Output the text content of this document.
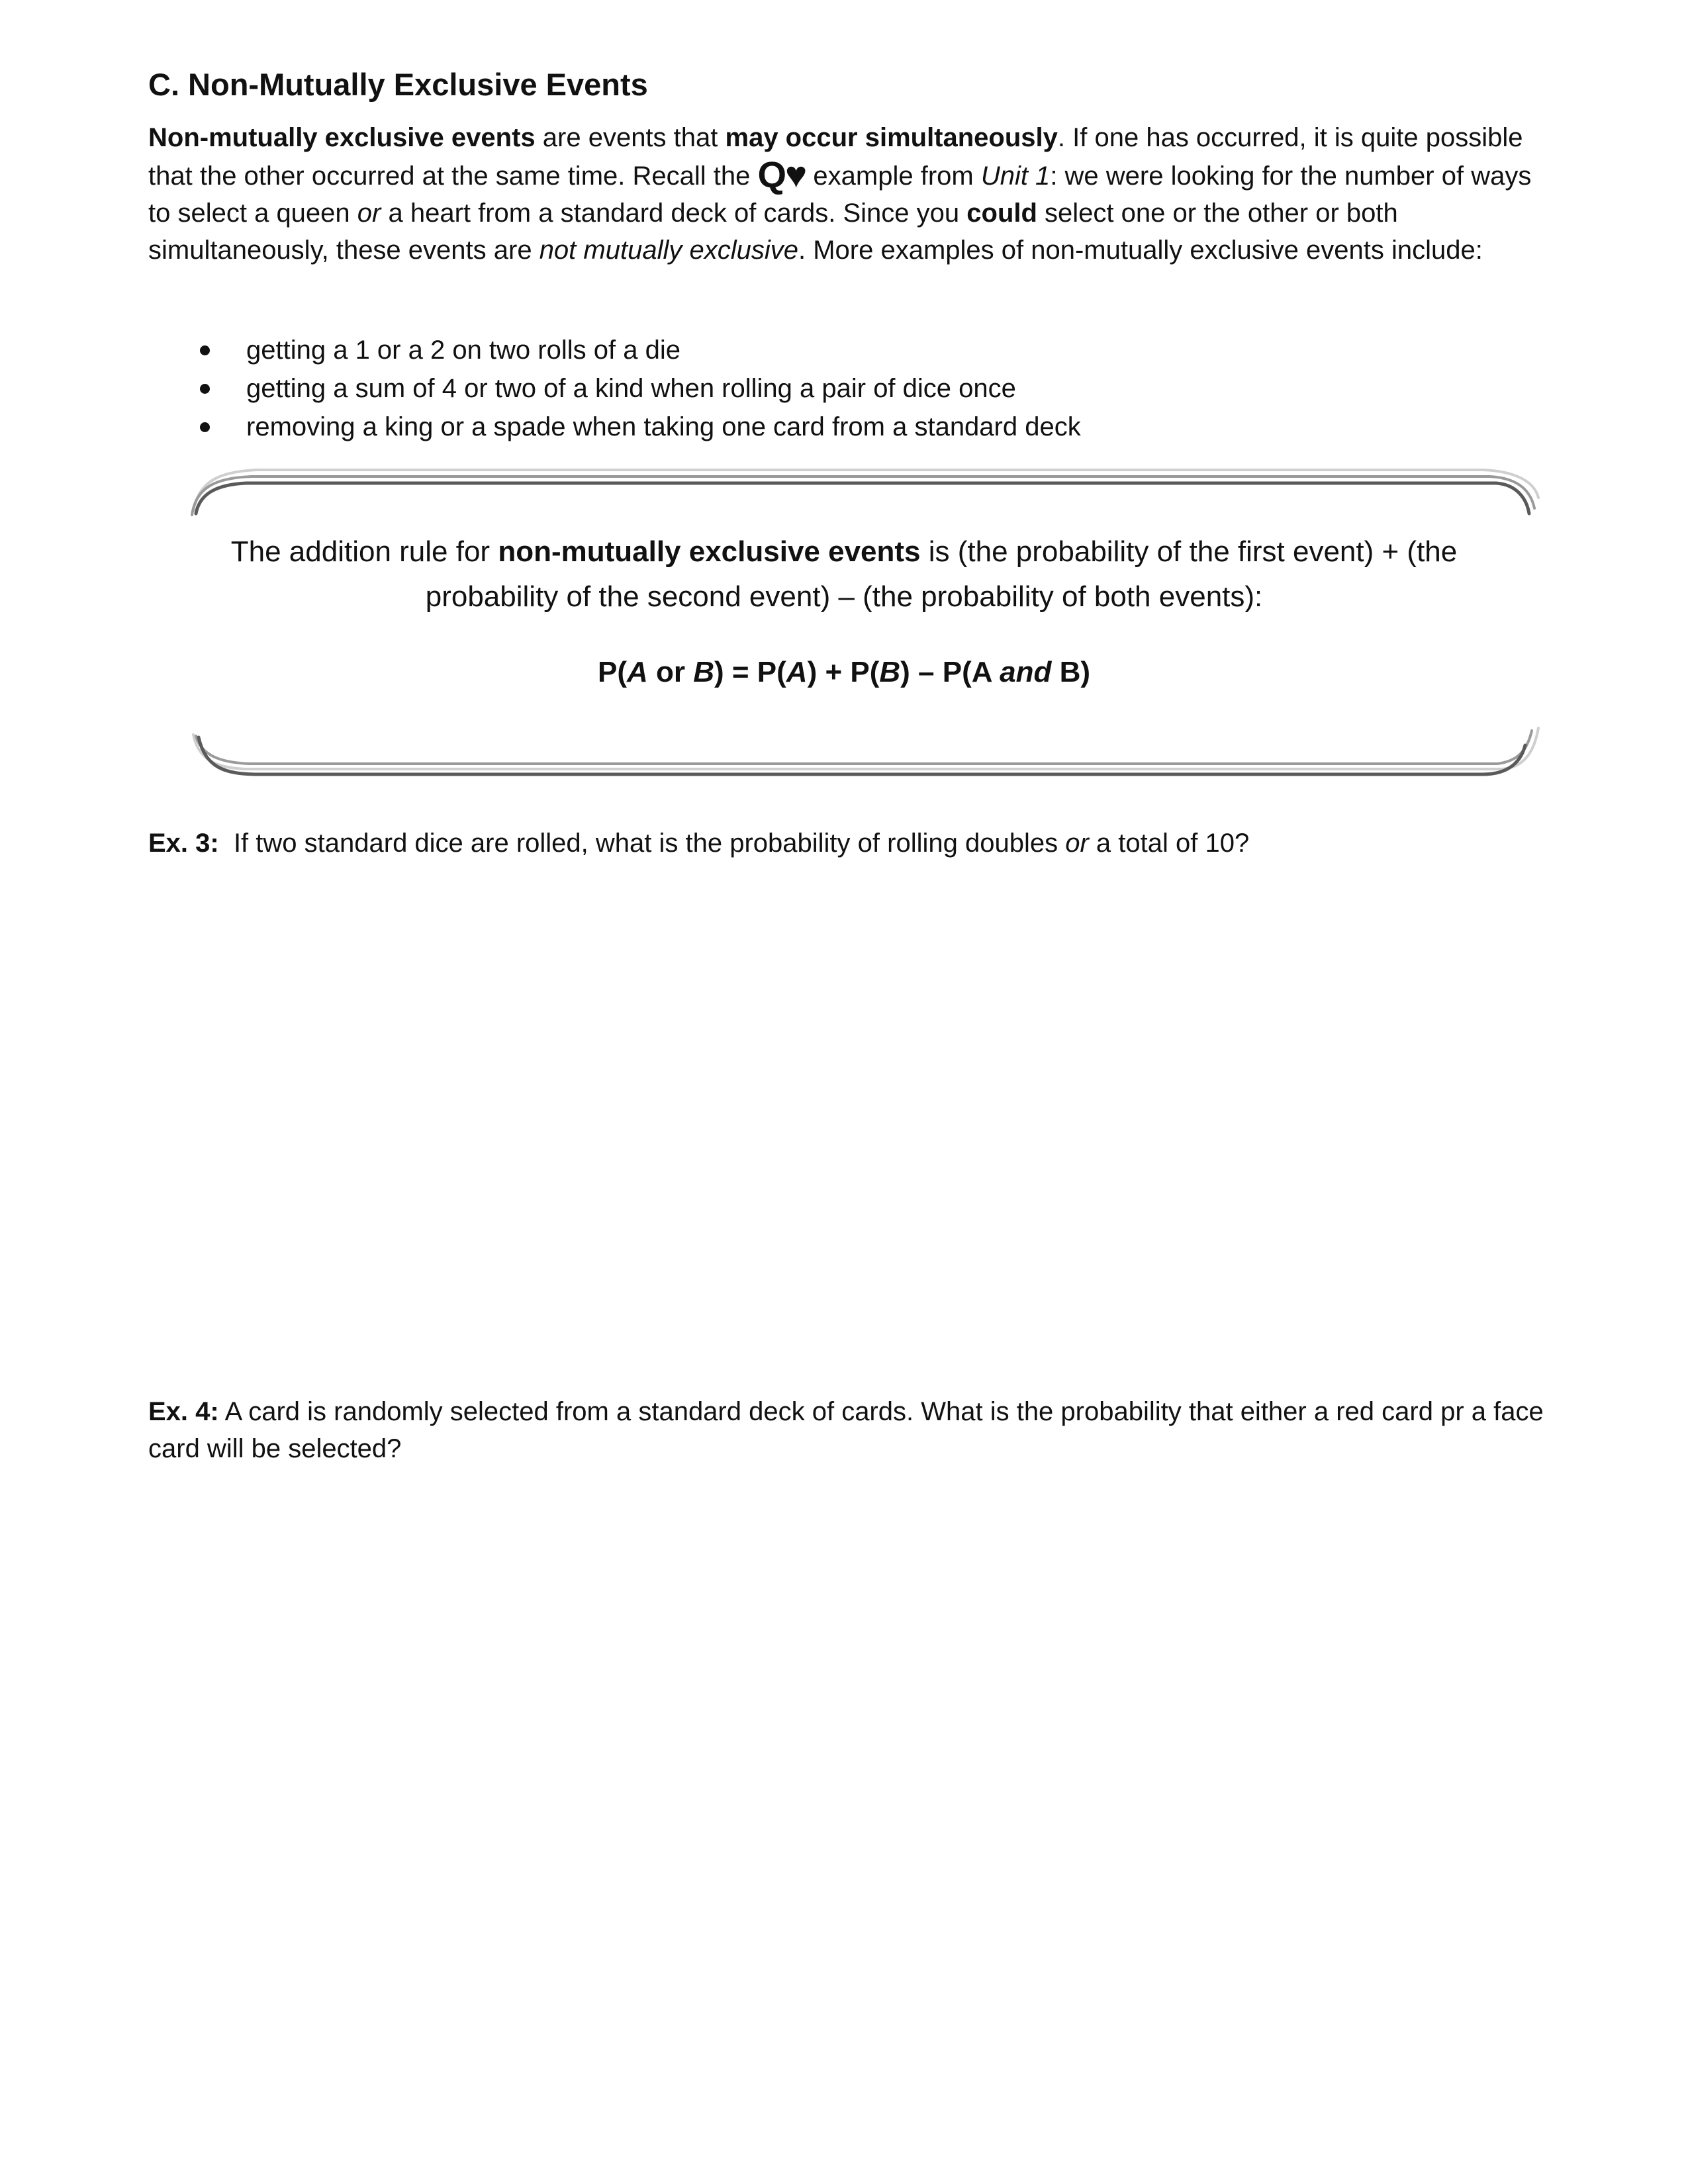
C. Non-Mutually Exclusive Events

Non-mutually exclusive events are events that may occur simultaneously. If one has occurred, it is quite possible that the other occurred at the same time. Recall the Q♥ example from Unit 1: we were looking for the number of ways to select a queen or a heart from a standard deck of cards. Since you could select one or the other or both simultaneously, these events are not mutually exclusive. More examples of non-mutually exclusive events include:

getting a 1 or a 2 on two rolls of a die
getting a sum of 4 or two of a kind when rolling a pair of dice once
removing a king or a spade when taking one card from a standard deck
The addition rule for non-mutually exclusive events is (the probability of the first event) + (the probability of the second event) – (the probability of both events):
P(A or B) = P(A) + P(B) – P(A and B)

Ex. 3:  If two standard dice are rolled, what is the probability of rolling doubles or a total of 10?

Ex. 4: A card is randomly selected from a standard deck of cards. What is the probability that either a red card pr a face card will be selected?
